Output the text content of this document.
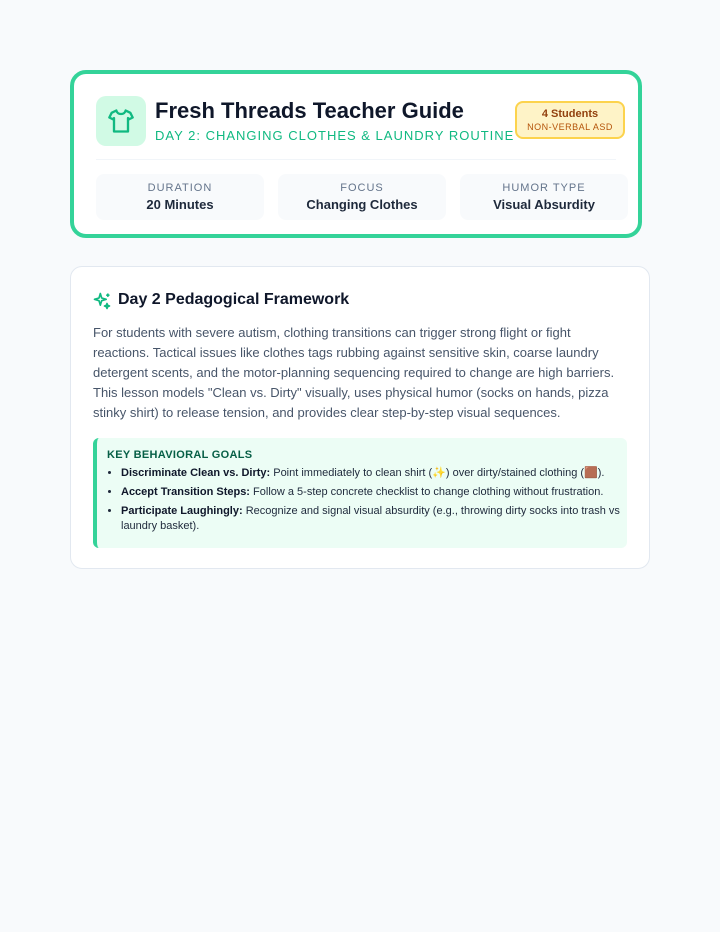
Fresh Threads Teacher Guide
DAY 2: CHANGING CLOTHES & LAUNDRY ROUTINE
4 Students
NON-VERBAL ASD
DURATION
20 Minutes
FOCUS
Changing Clothes
HUMOR TYPE
Visual Absurdity
Day 2 Pedagogical Framework

For students with severe autism, clothing transitions can trigger strong flight or fight reactions. Tactical issues like clothes tags rubbing against sensitive skin, coarse laundry detergent scents, and the motor-planning sequencing required to change are high barriers. This lesson models "Clean vs. Dirty" visually, uses physical humor (socks on hands, pizza stinky shirt) to release tension, and provides clear step-by-step visual sequences.

KEY BEHAVIORAL GOALS
• Discriminate Clean vs. Dirty: Point immediately to clean shirt (✨) over dirty/stained clothing (🟫).
• Accept Transition Steps: Follow a 5-step concrete checklist to change clothing without frustration.
• Participate Laughingly: Recognize and signal visual absurdity (e.g., throwing dirty socks into trash vs laundry basket).
